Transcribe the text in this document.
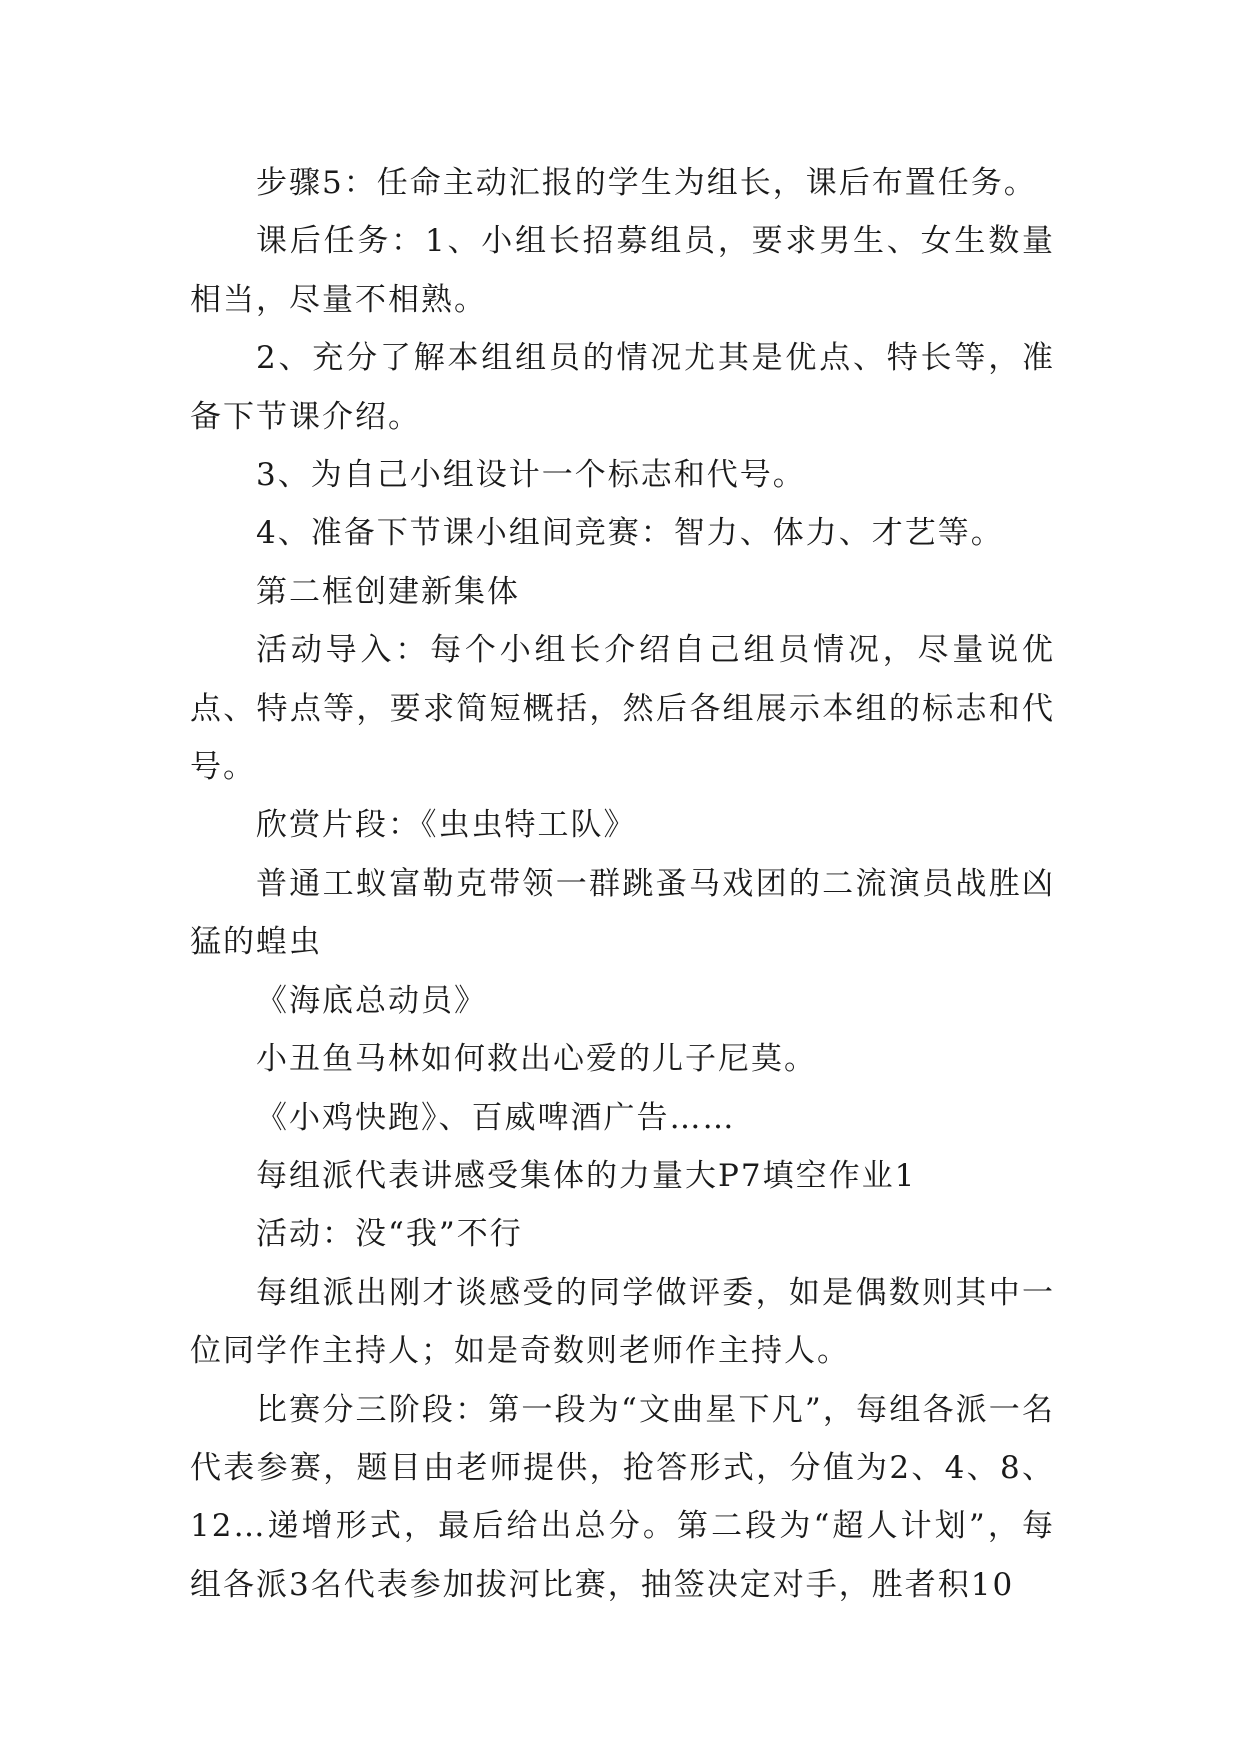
步骤5：任命主动汇报的学生为组长，课后布置任务。

课后任务：1、小组长招募组员，要求男生、女生数量相当，尽量不相熟。

2、充分了解本组组员的情况尤其是优点、特长等，准备下节课介绍。

3、为自己小组设计一个标志和代号。

4、准备下节课小组间竞赛：智力、体力、才艺等。

第二框创建新集体

活动导入：每个小组长介绍自己组员情况，尽量说优点、特点等，要求简短概括，然后各组展示本组的标志和代号。

欣赏片段：《虫虫特工队》

普通工蚁富勒克带领一群跳蚤马戏团的二流演员战胜凶猛的蝗虫

《海底总动员》

小丑鱼马林如何救出心爱的儿子尼莫。

《小鸡快跑》、百威啤酒广告……

每组派代表讲感受集体的力量大P7填空作业1

活动：没“我”不行

每组派出刚才谈感受的同学做评委，如是偶数则其中一位同学作主持人；如是奇数则老师作主持人。

比赛分三阶段：第一段为“文曲星下凡”，每组各派一名代表参赛，题目由老师提供，抢答形式，分值为2、4、8、12…递增形式，最后给出总分。第二段为“超人计划”，每组各派3名代表参加拔河比赛，抽签决定对手，胜者积10
